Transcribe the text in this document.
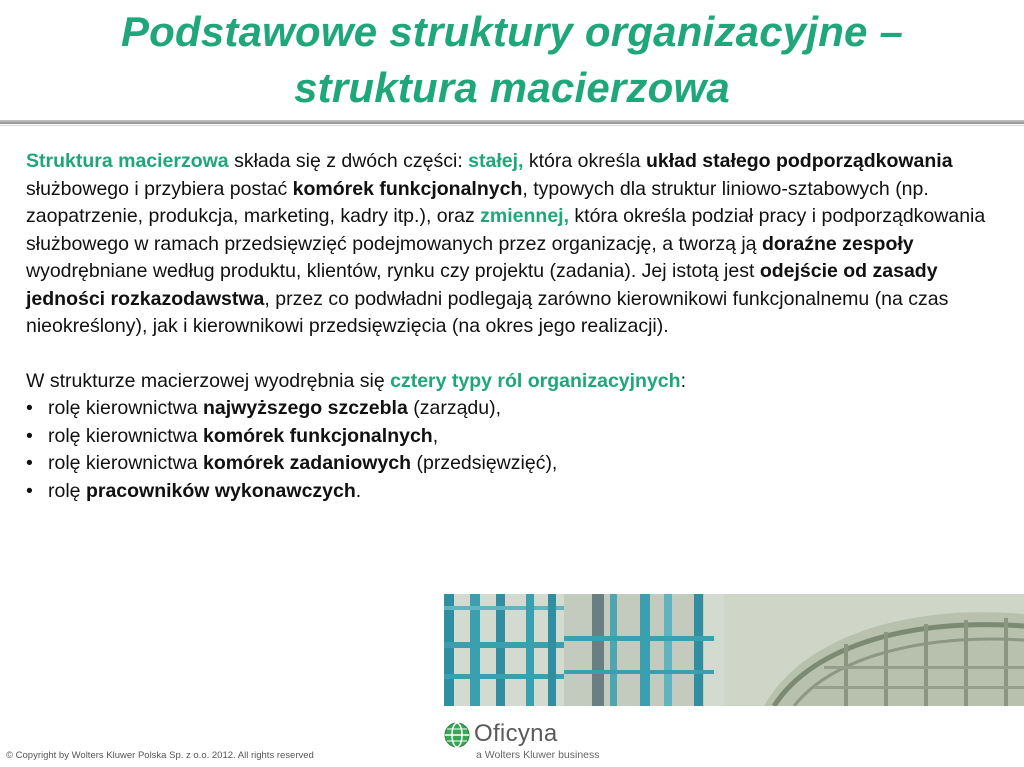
Podstawowe struktury organizacyjne –
struktura macierzowa

Struktura macierzowa składa się z dwóch części: stałej, która określa układ stałego podporządkowania służbowego i przybiera postać komórek funkcjonalnych, typowych dla struktur liniowo-sztabowych (np. zaopatrzenie, produkcja, marketing, kadry itp.), oraz zmiennej, która określa podział pracy i podporządkowania służbowego w ramach przedsięwzięć podejmowanych przez organizację, a tworzą ją doraźne zespoły wyodrębniane według produktu, klientów, rynku czy projektu (zadania). Jej istotą jest odejście od zasady jedności rozkazodawstwa, przez co podwładni podlegają zarówno kierownikowi funkcjonalnemu (na czas nieokreślony), jak i kierownikowi przedsięwzięcia (na okres jego realizacji).

W strukturze macierzowej wyodrębnia się cztery typy ról organizacyjnych:

• rolę kierownictwa najwyższego szczebla (zarządu),
• rolę kierownictwa komórek funkcjonalnych,
• rolę kierownictwa komórek zadaniowych (przedsięwzięć),
• rolę pracowników wykonawczych.
Oficyna
a Wolters Kluwer business
© Copyright by Wolters Kluwer Polska Sp. z o.o. 2012. All rights reserved
